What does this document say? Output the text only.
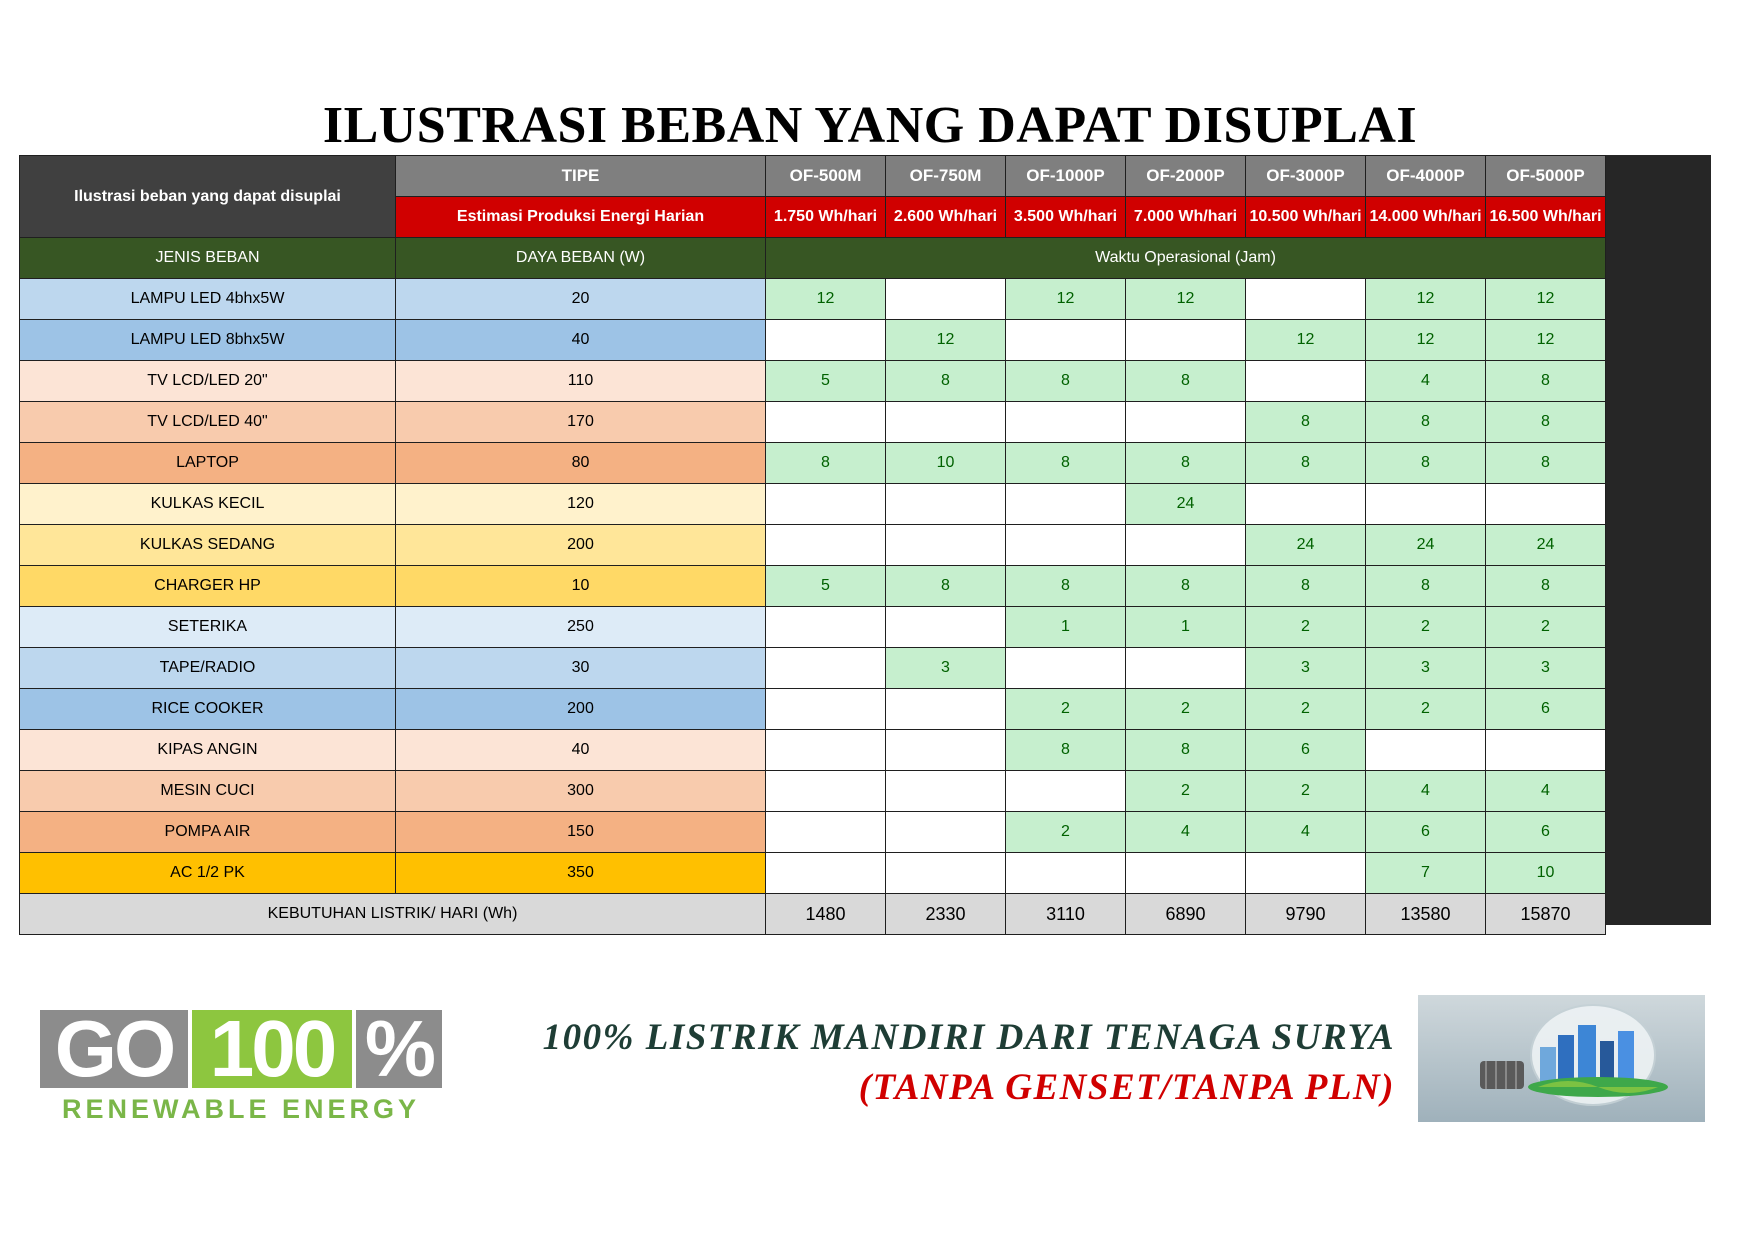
ILUSTRASI BEBAN YANG DAPAT DISUPLAI
Ilustrasi beban yang dapat disuplai	TIPE	OF-500M	OF-750M	OF-1000P	OF-2000P	OF-3000P	OF-4000P	OF-5000P
	Estimasi Produksi Energi Harian	1.750 Wh/hari	2.600 Wh/hari	3.500 Wh/hari	7.000 Wh/hari	10.500 Wh/hari	14.000 Wh/hari	16.500 Wh/hari
JENIS BEBAN	DAYA BEBAN (W)	Waktu Operasional (Jam)						
LAMPU LED 4bhx5W	20	12		12	12		12	12
LAMPU LED 8bhx5W	40		12			12	12	12
TV LCD/LED 20"	110	5	8	8	8		4	8
TV LCD/LED 40"	170					8	8	8
LAPTOP	80	8	10	8	8	8	8	8
KULKAS KECIL	120				24			
KULKAS SEDANG	200					24	24	24
CHARGER HP	10	5	8	8	8	8	8	8
SETERIKA	250			1	1	2	2	2
TAPE/RADIO	30		3			3	3	3
RICE COOKER	200			2	2	2	2	6
KIPAS ANGIN	40			8	8	6		
MESIN CUCI	300				2	2	4	4
POMPA AIR	150			2	4	4	6	6
AC 1/2 PK	350						7	10
KEBUTUHAN LISTRIK/ HARI (Wh)		1480	2330	3110	6890	9790	13580	15870
GO 100 %
RENEWABLE ENERGY
100% LISTRIK MANDIRI DARI TENAGA SURYA
(TANPA GENSET/TANPA PLN)
